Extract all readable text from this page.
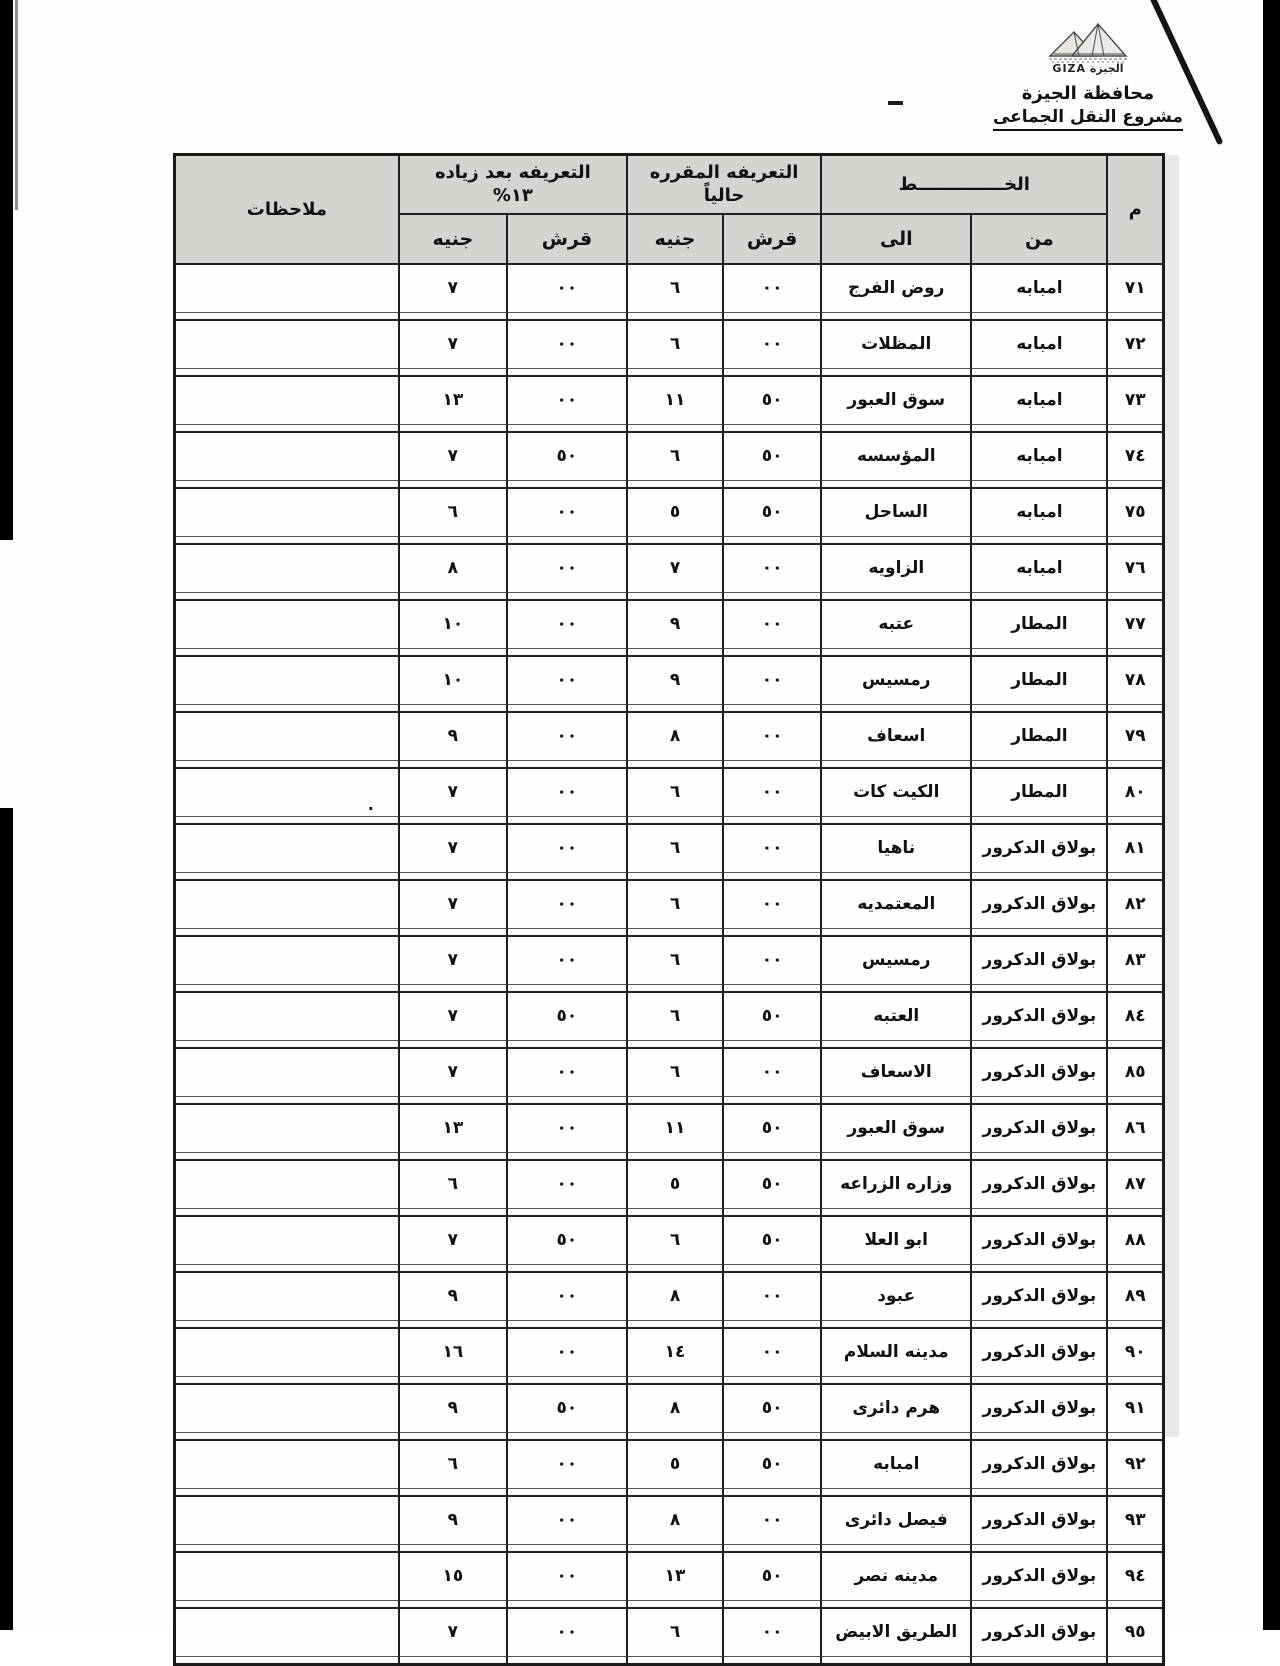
الجيزة GIZA
محافظة الجيزة
مشروع النقل الجماعى
م	الخــــــــــــــط	
التعريفه المقرره
حالياً

التعريفه بعد زياده
%١٣
	ملاحظات
	من	الى	قرش	جنيه	قرش	جنيه	
٧١	امبابه	روض الفرج	٠٠	٦	٠٠	٧	
٧٢	امبابه	المظلات	٠٠	٦	٠٠	٧	
٧٣	امبابه	سوق العبور	٥٠	١١	٠٠	١٣	
٧٤	امبابه	المؤسسه	٥٠	٦	٥٠	٧	
٧٥	امبابه	الساحل	٥٠	٥	٠٠	٦	
٧٦	امبابه	الزاويه	٠٠	٧	٠٠	٨	
٧٧	المطار	عتبه	٠٠	٩	٠٠	١٠	
٧٨	المطار	رمسيس	٠٠	٩	٠٠	١٠	
٧٩	المطار	اسعاف	٠٠	٨	٠٠	٩	
٨٠	المطار	الكيت كات	٠٠	٦	٠٠	٧	.
٨١	بولاق الدكرور	ناهيا	٠٠	٦	٠٠	٧	
٨٢	بولاق الدكرور	المعتمديه	٠٠	٦	٠٠	٧	
٨٣	بولاق الدكرور	رمسيس	٠٠	٦	٠٠	٧	
٨٤	بولاق الدكرور	العتبه	٥٠	٦	٥٠	٧	
٨٥	بولاق الدكرور	الاسعاف	٠٠	٦	٠٠	٧	
٨٦	بولاق الدكرور	سوق العبور	٥٠	١١	٠٠	١٣	
٨٧	بولاق الدكرور	وزاره الزراعه	٥٠	٥	٠٠	٦	
٨٨	بولاق الدكرور	ابو العلا	٥٠	٦	٥٠	٧	
٨٩	بولاق الدكرور	عبود	٠٠	٨	٠٠	٩	
٩٠	بولاق الدكرور	مدينه السلام	٠٠	١٤	٠٠	١٦	
٩١	بولاق الدكرور	هرم دائرى	٥٠	٨	٥٠	٩	
٩٢	بولاق الدكرور	امبابه	٥٠	٥	٠٠	٦	
٩٣	بولاق الدكرور	فيصل دائرى	٠٠	٨	٠٠	٩	
٩٤	بولاق الدكرور	مدينه نصر	٥٠	١٣	٠٠	١٥	
٩٥	بولاق الدكرور	الطريق الابيض	٠٠	٦	٠٠	٧	
